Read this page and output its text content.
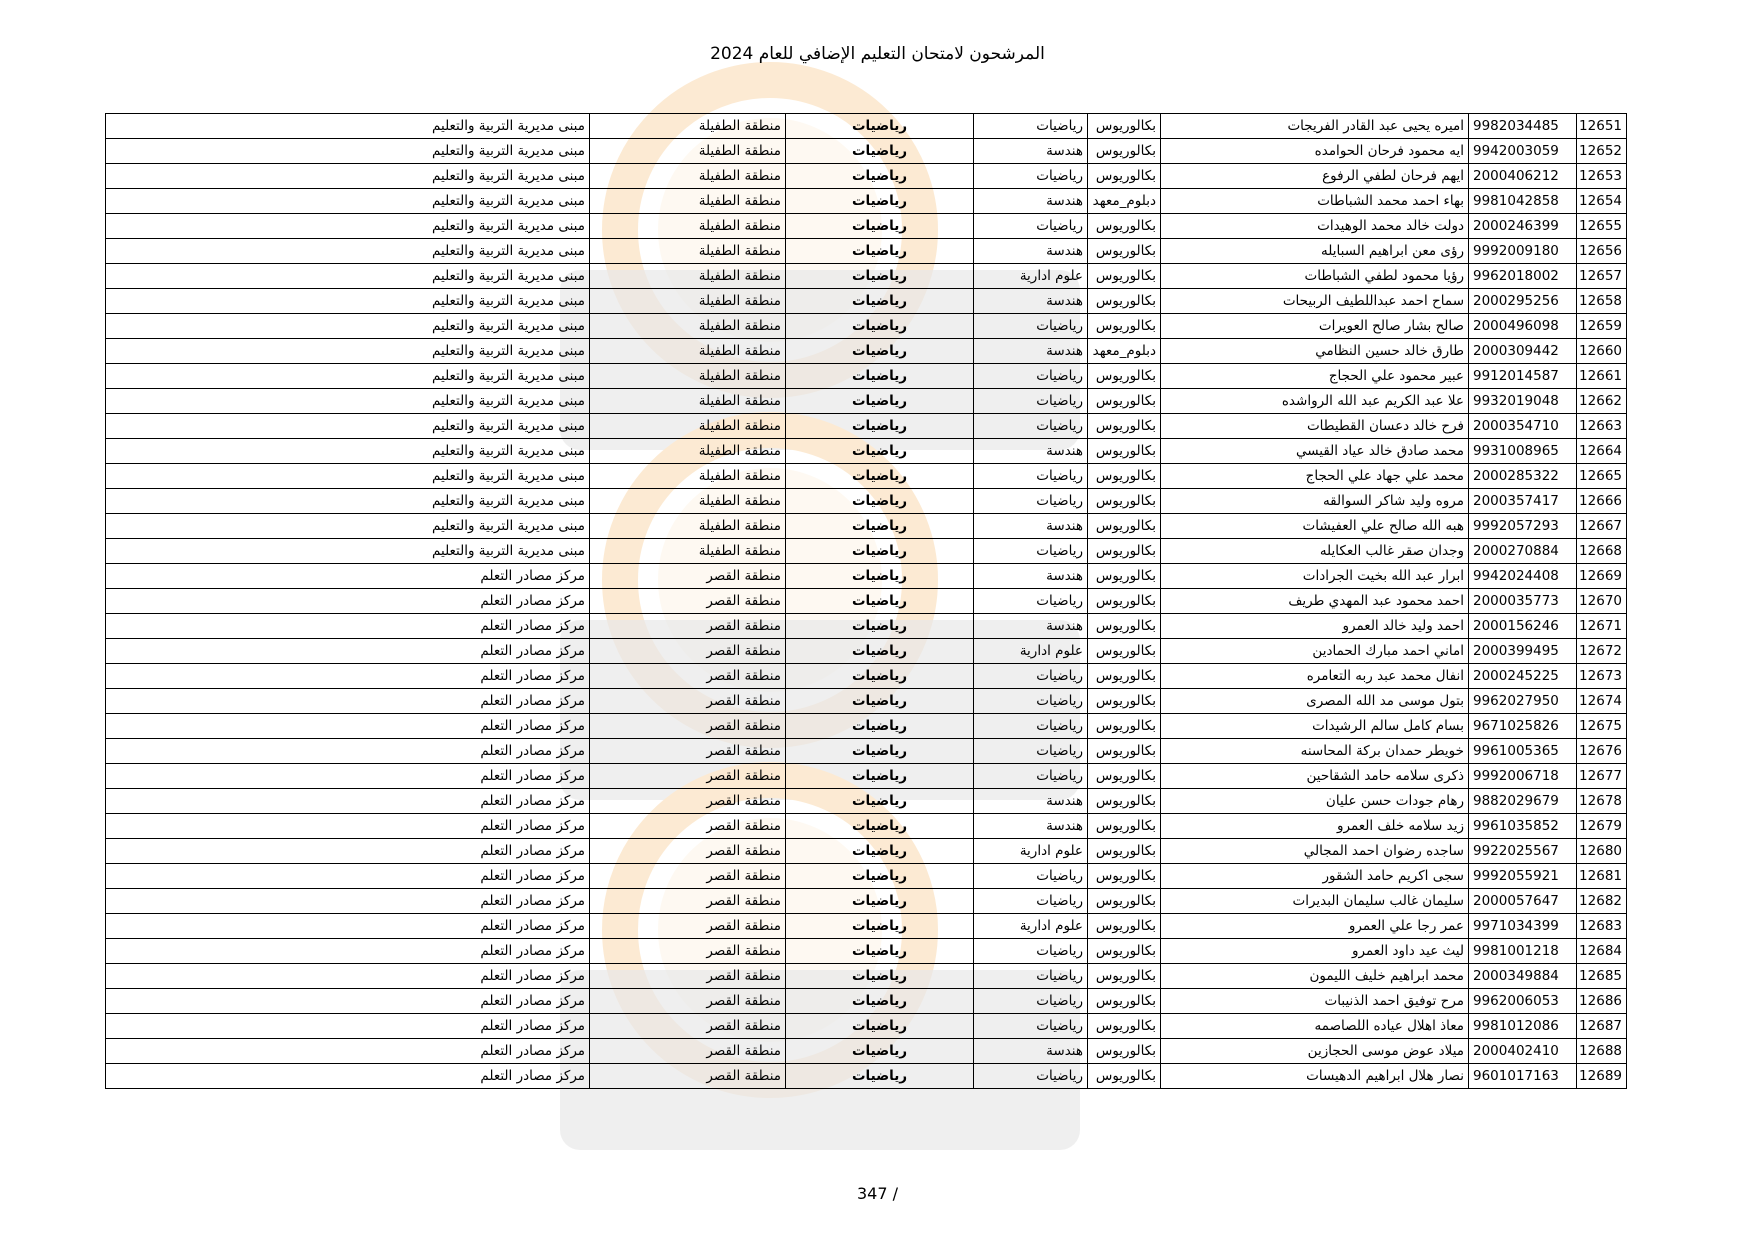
المرشحون لامتحان التعليم الإضافي للعام 2024
12651	9982034485	اميره يحيى عبد القادر الفريجات	بكالوريوس	رياضيات	رياضيات	منطقة الطفيلة	مبنى مديرية التربية والتعليم
12652	9942003059	ايه محمود فرحان الحوامده	بكالوريوس	هندسة	رياضيات	منطقة الطفيلة	مبنى مديرية التربية والتعليم
12653	2000406212	ايهم فرحان لطفي الرفوع	بكالوريوس	رياضيات	رياضيات	منطقة الطفيلة	مبنى مديرية التربية والتعليم
12654	9981042858	بهاء احمد محمد الشباطات	دبلوم_معهد	هندسة	رياضيات	منطقة الطفيلة	مبنى مديرية التربية والتعليم
12655	2000246399	دولت خالد محمد الوهيدات	بكالوريوس	رياضيات	رياضيات	منطقة الطفيلة	مبنى مديرية التربية والتعليم
12656	9992009180	رؤى معن ابراهيم السبايله	بكالوريوس	هندسة	رياضيات	منطقة الطفيلة	مبنى مديرية التربية والتعليم
12657	9962018002	رؤيا محمود لطفي الشباطات	بكالوريوس	علوم ادارية	رياضيات	منطقة الطفيلة	مبنى مديرية التربية والتعليم
12658	2000295256	سماح احمد عبداللطيف الربيحات	بكالوريوس	هندسة	رياضيات	منطقة الطفيلة	مبنى مديرية التربية والتعليم
12659	2000496098	صالح بشار صالح العويرات	بكالوريوس	رياضيات	رياضيات	منطقة الطفيلة	مبنى مديرية التربية والتعليم
12660	2000309442	طارق خالد حسين النظامي	دبلوم_معهد	هندسة	رياضيات	منطقة الطفيلة	مبنى مديرية التربية والتعليم
12661	9912014587	عبير محمود علي الحجاج	بكالوريوس	رياضيات	رياضيات	منطقة الطفيلة	مبنى مديرية التربية والتعليم
12662	9932019048	علا عبد الكريم عبد الله الرواشده	بكالوريوس	رياضيات	رياضيات	منطقة الطفيلة	مبنى مديرية التربية والتعليم
12663	2000354710	فرح خالد دعسان القطيطات	بكالوريوس	رياضيات	رياضيات	منطقة الطفيلة	مبنى مديرية التربية والتعليم
12664	9931008965	محمد صادق خالد عياد القيسي	بكالوريوس	هندسة	رياضيات	منطقة الطفيلة	مبنى مديرية التربية والتعليم
12665	2000285322	محمد علي جهاد علي الحجاج	بكالوريوس	رياضيات	رياضيات	منطقة الطفيلة	مبنى مديرية التربية والتعليم
12666	2000357417	مروه وليد شاكر السوالقه	بكالوريوس	رياضيات	رياضيات	منطقة الطفيلة	مبنى مديرية التربية والتعليم
12667	9992057293	هبه الله صالح علي العفيشات	بكالوريوس	هندسة	رياضيات	منطقة الطفيلة	مبنى مديرية التربية والتعليم
12668	2000270884	وجدان صقر غالب العكايله	بكالوريوس	رياضيات	رياضيات	منطقة الطفيلة	مبنى مديرية التربية والتعليم
12669	9942024408	ابرار عبد الله بخيت الجرادات	بكالوريوس	هندسة	رياضيات	منطقة القصر	مركز مصادر التعلم
12670	2000035773	احمد محمود عبد المهدي طريف	بكالوريوس	رياضيات	رياضيات	منطقة القصر	مركز مصادر التعلم
12671	2000156246	احمد وليد خالد العمرو	بكالوريوس	هندسة	رياضيات	منطقة القصر	مركز مصادر التعلم
12672	2000399495	اماني احمد مبارك الحمادين	بكالوريوس	علوم ادارية	رياضيات	منطقة القصر	مركز مصادر التعلم
12673	2000245225	انفال محمد عبد ربه التعامره	بكالوريوس	رياضيات	رياضيات	منطقة القصر	مركز مصادر التعلم
12674	9962027950	بتول موسى مد الله المصرى	بكالوريوس	رياضيات	رياضيات	منطقة القصر	مركز مصادر التعلم
12675	9671025826	بسام كامل سالم الرشيدات	بكالوريوس	رياضيات	رياضيات	منطقة القصر	مركز مصادر التعلم
12676	9961005365	خويطر حمدان بركة المحاسنه	بكالوريوس	رياضيات	رياضيات	منطقة القصر	مركز مصادر التعلم
12677	9992006718	ذكرى سلامه حامد الشقاحين	بكالوريوس	رياضيات	رياضيات	منطقة القصر	مركز مصادر التعلم
12678	9882029679	رهام جودات حسن عليان	بكالوريوس	هندسة	رياضيات	منطقة القصر	مركز مصادر التعلم
12679	9961035852	زيد سلامه خلف العمرو	بكالوريوس	هندسة	رياضيات	منطقة القصر	مركز مصادر التعلم
12680	9922025567	ساجده رضوان احمد المجالي	بكالوريوس	علوم ادارية	رياضيات	منطقة القصر	مركز مصادر التعلم
12681	9992055921	سجى اكريم حامد الشقور	بكالوريوس	رياضيات	رياضيات	منطقة القصر	مركز مصادر التعلم
12682	2000057647	سليمان غالب سليمان البديرات	بكالوريوس	رياضيات	رياضيات	منطقة القصر	مركز مصادر التعلم
12683	9971034399	عمر رجا علي العمرو	بكالوريوس	علوم ادارية	رياضيات	منطقة القصر	مركز مصادر التعلم
12684	9981001218	ليث عيد داود العمرو	بكالوريوس	رياضيات	رياضيات	منطقة القصر	مركز مصادر التعلم
12685	2000349884	محمد ابراهيم خليف الليمون	بكالوريوس	رياضيات	رياضيات	منطقة القصر	مركز مصادر التعلم
12686	9962006053	مرح توفيق احمد الذنيبات	بكالوريوس	رياضيات	رياضيات	منطقة القصر	مركز مصادر التعلم
12687	9981012086	معاذ اهلال عياده اللصاصمه	بكالوريوس	رياضيات	رياضيات	منطقة القصر	مركز مصادر التعلم
12688	2000402410	ميلاد عوض موسى الحجازين	بكالوريوس	هندسة	رياضيات	منطقة القصر	مركز مصادر التعلم
12689	9601017163	نصار هلال ابراهيم الدهيسات	بكالوريوس	رياضيات	رياضيات	منطقة القصر	مركز مصادر التعلم
347 /
